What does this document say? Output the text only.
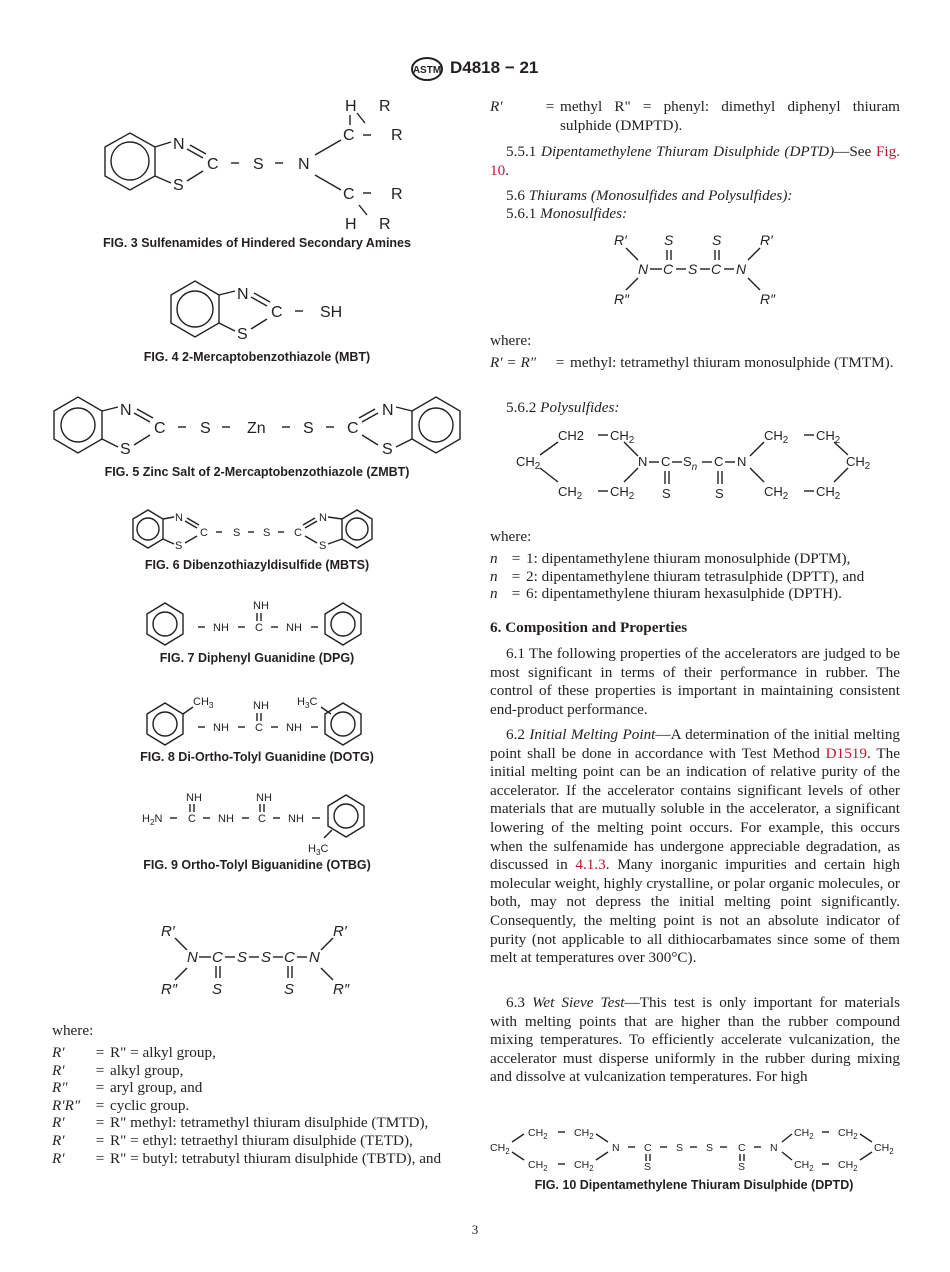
ASTM D4818 − 21
N
S
C S N
C
H R
R
C R
H R
FIG. 3 Sulfenamides of Hindered Secondary Amines
N
S
C SH
FIG. 4 2-Mercaptobenzothiazole (MBT)
N
S
C S Zn S C
N
S
FIG. 5 Zinc Salt of 2-Mercaptobenzothiazole (ZMBT)
N
S
C S S C
N
S
FIG. 6 Dibenzothiazyldisulfide (MBTS)
NH
NH
C NH
FIG. 7 Diphenyl Guanidine (DPG)
$CH_3$
NH
NH
C NH
$H_3C$
FIG. 8 Di-Ortho-Tolyl Guanidine (DOTG)
$H_2N$
NH
C NH
NH
C NH
$H_3C$
FIG. 9 Ortho-Tolyl Biguanidine (OTBG)
R′
N
R″
C
S
S S C
S
N
R′
R″
where:
R′	= R" = alkyl group,
R′	= alkyl group,
R″	= aryl group, and
R′R″	= cyclic group.
R′	= R" methyl: tetramethyl thiuram disulphide (TMTD),
R′	= R" = ethyl: tetraethyl thiuram disulphide (TETD),
R′	= R" = butyl: tetrabutyl thiuram disulphide (TBTD), and
R′	= methyl R" = phenyl: dimethyl diphenyl thiuram sulphide (DMPTD).
5.5.1 Dipentamethylene Thiuram Disulphide (DPTD)—See Fig. 10.
5.6 Thiurams (Monosulfides and Polysulfides):
5.6.1 Monosulfides:
R′
N
R″
C
S
S C
S
N
R′
R″
where:
R′ = R″	= methyl: tetramethyl thiuram monosulphide (TMTM).
5.6.2 Polysulfides:
CH2 $CH_2$
$CH_2$
$CH_2$ $CH_2$
N C
S
$S_n$ C
S
N
$CH_2$ $CH_2$
$CH_2$ $CH_2$
$CH_2$
where:
n = 1: dipentamethylene thiuram monosulphide (DPTM),
n = 2: dipentamethylene thiuram tetrasulphide (DPTT), and
n = 6: dipentamethylene thiuram hexasulphide (DPTH).
6. Composition and Properties
6.1 The following properties of the accelerators are judged to be most significant in terms of their performance in rubber. The control of these properties is important in maintaining consistent end-product performance.
6.2 Initial Melting Point—A determination of the initial melting point shall be done in accordance with Test Method D1519. The initial melting point can be an indication of relative purity of the accelerator. If the accelerator contains significant levels of other materials that are mutually soluble in the accelerator, a significant lowering of the melting point occurs. For example, this occurs when the sulfenamide has undergone appreciable degradation, as discussed in 4.1.3. Many inorganic impurities and certain high molecular weight, highly crystalline, or polar organic molecules, or both, may not depress the initial melting point significantly. Consequently, the melting point is not an absolute indicator of purity (not applicable to all dithiocarbamates since some of them melt at temperatures over 300°C).
6.3 Wet Sieve Test—This test is only important for materials with melting points that are higher than the rubber compound mixing temperatures. To efficiently accelerate vulcanization, the accelerator must disperse uniformly in the rubber during mixing and dissolve at vulcanization temperatures. For high
$CH_2$
$CH_2$	$CH_2$
$CH_2$	$CH_2$
N C
S
S S C
S
N
$CH_2$ $CH_2$
$CH_2$ $CH_2$
$CH_2$
FIG. 10 Dipentamethylene Thiuram Disulphide (DPTD)
3
